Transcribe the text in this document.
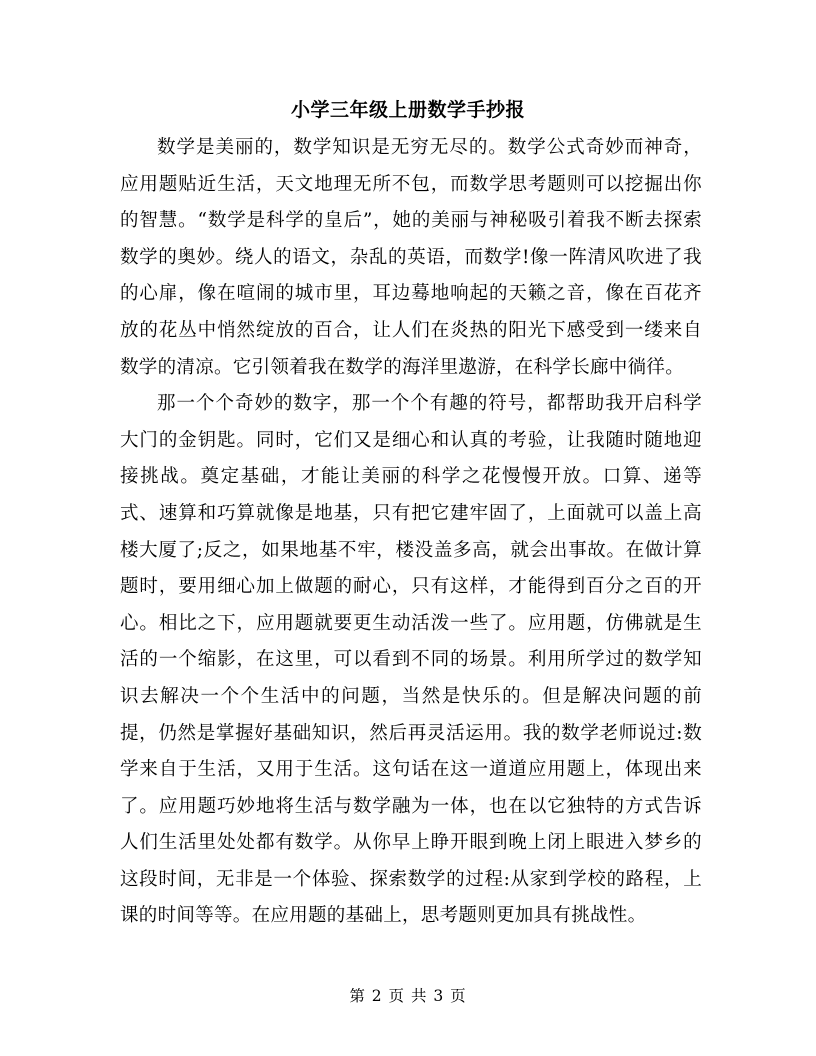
小学三年级上册数学手抄报

数学是美丽的，数学知识是无穷无尽的。数学公式奇妙而神奇，应用题贴近生活，天文地理无所不包，而数学思考题则可以挖掘出你的智慧。“数学是科学的皇后”，她的美丽与神秘吸引着我不断去探索数学的奥妙。绕人的语文，杂乱的英语，而数学!像一阵清风吹进了我的心扉，像在喧闹的城市里，耳边蓦地响起的天籁之音，像在百花齐放的花丛中悄然绽放的百合，让人们在炎热的阳光下感受到一缕来自数学的清凉。它引领着我在数学的海洋里遨游，在科学长廊中徜徉。

那一个个奇妙的数字，那一个个有趣的符号，都帮助我开启科学大门的金钥匙。同时，它们又是细心和认真的考验，让我随时随地迎接挑战。奠定基础，才能让美丽的科学之花慢慢开放。口算、递等式、速算和巧算就像是地基，只有把它建牢固了，上面就可以盖上高楼大厦了;反之，如果地基不牢，楼没盖多高，就会出事故。在做计算题时，要用细心加上做题的耐心，只有这样，才能得到百分之百的开心。相比之下，应用题就要更生动活泼一些了。应用题，仿佛就是生活的一个缩影，在这里，可以看到不同的场景。利用所学过的数学知识去解决一个个生活中的问题，当然是快乐的。但是解决问题的前提，仍然是掌握好基础知识，然后再灵活运用。我的数学老师说过:数学来自于生活，又用于生活。这句话在这一道道应用题上，体现出来了。应用题巧妙地将生活与数学融为一体，也在以它独特的方式告诉人们生活里处处都有数学。从你早上睁开眼到晚上闭上眼进入梦乡的这段时间，无非是一个体验、探索数学的过程:从家到学校的路程，上课的时间等等。在应用题的基础上，思考题则更加具有挑战性。

第 2 页 共 3 页
